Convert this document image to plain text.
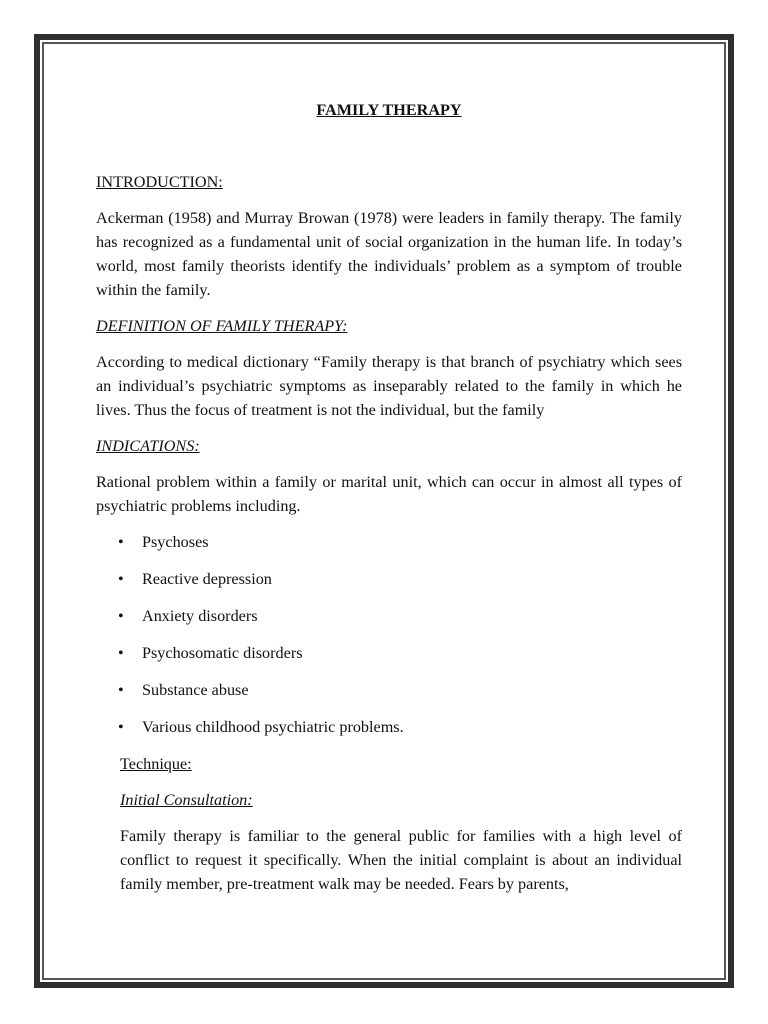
FAMILY THERAPY
INTRODUCTION:

Ackerman (1958) and Murray Browan (1978) were leaders in family therapy. The family has recognized as a fundamental unit of social organization in the human life. In today’s world, most family theorists identify the individuals’ problem as a symptom of trouble within the family.

DEFINITION OF FAMILY THERAPY:

According to medical dictionary “Family therapy is that branch of psychiatry which sees an individual’s psychiatric symptoms as inseparably related to the family in which he lives. Thus the focus of treatment is not the individual, but the family

INDICATIONS:

Rational problem within a family or marital unit, which can occur in almost all types of psychiatric problems including.

• Psychoses
• Reactive depression
• Anxiety disorders
• Psychosomatic disorders
• Substance abuse
• Various childhood psychiatric problems.
Technique:
Initial Consultation:

Family therapy is familiar to the general public for families with a high level of conflict to request it specifically. When the initial complaint is about an individual family member, pre-treatment walk may be needed. Fears by parents,
